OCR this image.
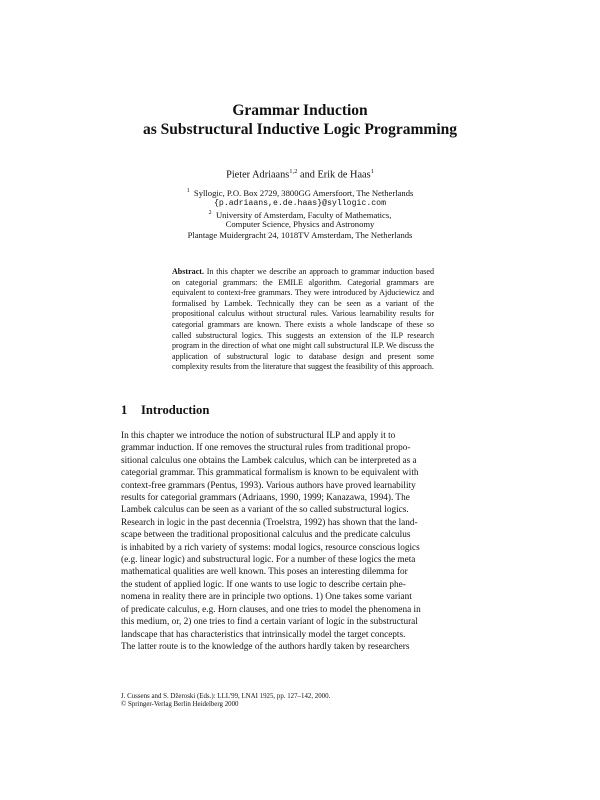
Grammar Induction
as Substructural Inductive Logic Programming
Pieter Adriaans$^{1,2}$ and Erik de Haas$^1$
$^1$ Syllogic, P.O. Box 2729, 3800GG Amersfoort, The Netherlands
{p.adriaans,e.de.haas}@syllogic.com
$^2$ University of Amsterdam, Faculty of Mathematics,
Computer Science, Physics and Astronomy
Plantage Muidergracht 24, 1018TV Amsterdam, The Netherlands
Abstract. In this chapter we describe an approach to grammar induction based on categorial grammars: the EMILE algorithm. Categorial grammars are equivalent to context-free grammars. They were introduced by Ajduciewicz and formalised by Lambek. Technically they can be seen as a variant of the propositional calculus without structural rules. Various learnability results for categorial grammars are known. There exists a whole landscape of these so called substructural logics. This suggests an extension of the ILP research program in the direction of what one might call substructural ILP. We discuss the application of substructural logic to database design and present some complexity results from the literature that suggest the feasibility of this approach.
1 Introduction
In this chapter we introduce the notion of substructural ILP and apply it to
grammar induction. If one removes the structural rules from traditional propo-
sitional calculus one obtains the Lambek calculus, which can be interpreted as a
categorial grammar. This grammatical formalism is known to be equivalent with
context-free grammars (Pentus, 1993). Various authors have proved learnability
results for categorial grammars (Adriaans, 1990, 1999; Kanazawa, 1994). The
Lambek calculus can be seen as a variant of the so called substructural logics.
Research in logic in the past decennia (Troelstra, 1992) has shown that the land-
scape between the traditional propositional calculus and the predicate calculus
is inhabited by a rich variety of systems: modal logics, resource conscious logics
(e.g. linear logic) and substructural logic. For a number of these logics the meta
mathematical qualities are well known. This poses an interesting dilemma for
the student of applied logic. If one wants to use logic to describe certain phe-
nomena in reality there are in principle two options. 1) One takes some variant
of predicate calculus, e.g. Horn clauses, and one tries to model the phenomena in
this medium, or, 2) one tries to find a certain variant of logic in the substructural
landscape that has characteristics that intrinsically model the target concepts.
The latter route is to the knowledge of the authors hardly taken by researchers
J. Cussens and S. Džeroski (Eds.): LLL'99, LNAI 1925, pp. 127–142, 2000.
© Springer-Verlag Berlin Heidelberg 2000
